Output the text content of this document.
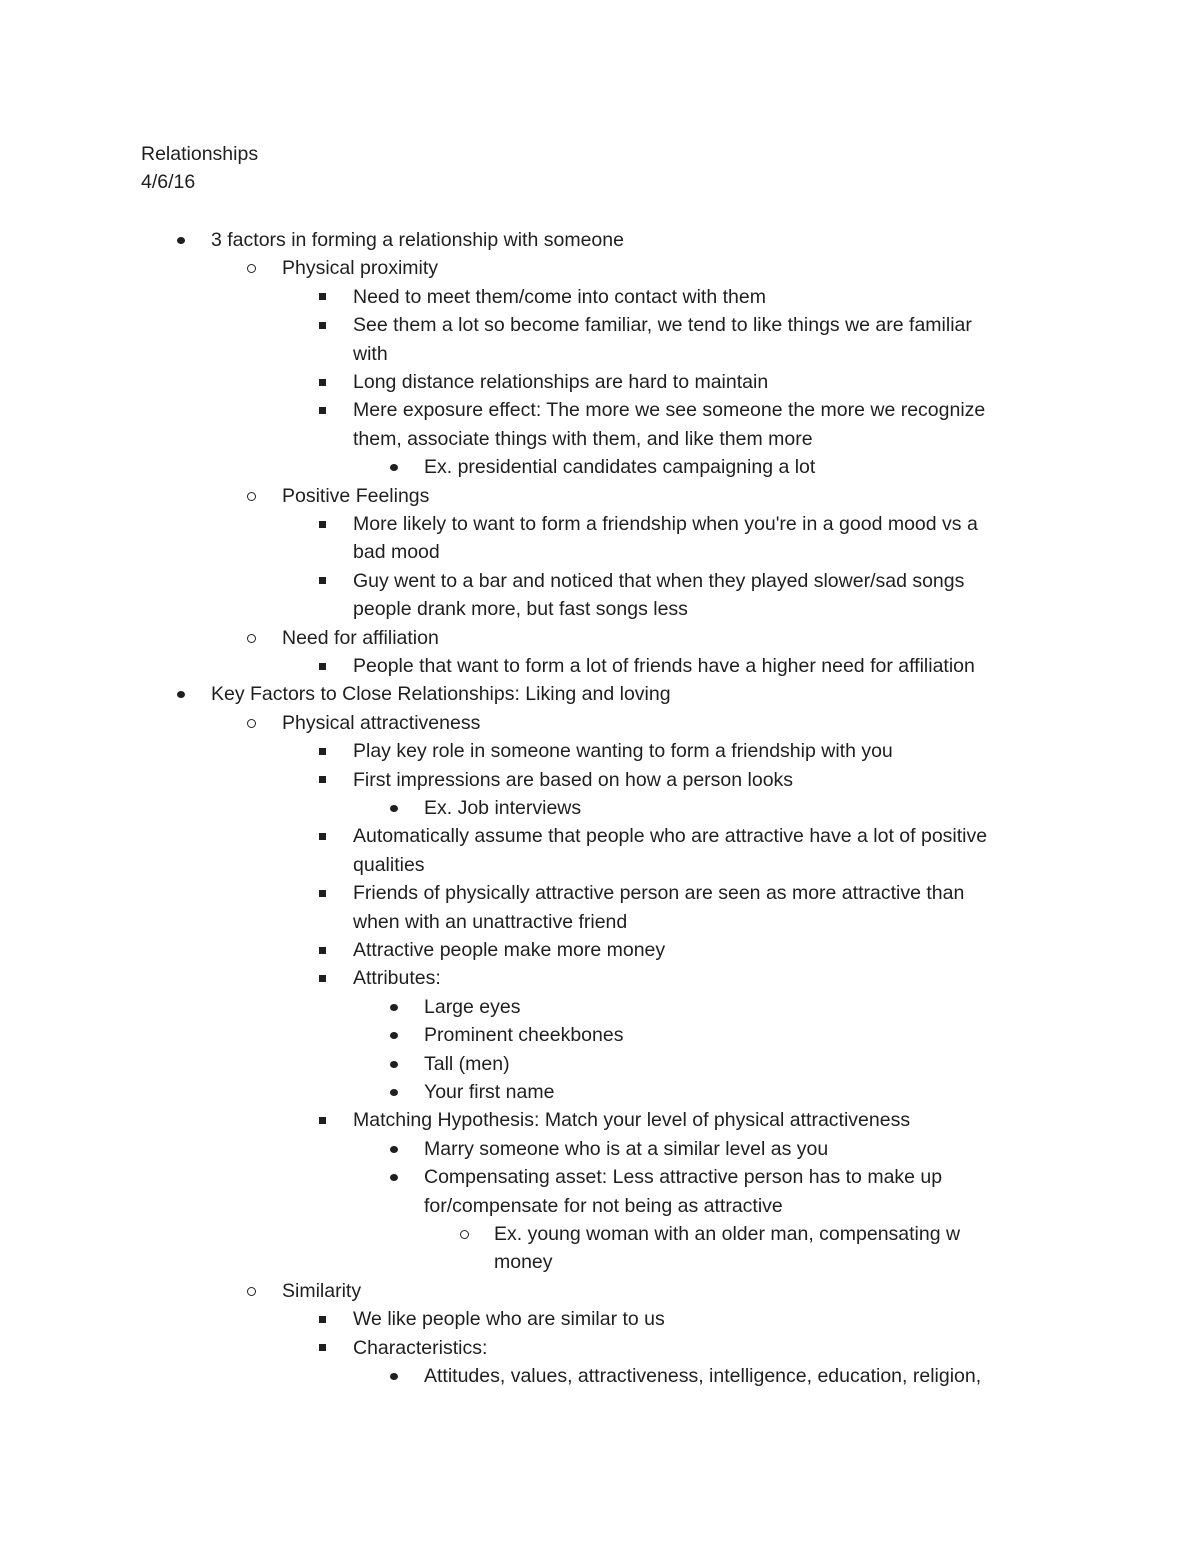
Relationships
4/6/16
3 factors in forming a relationship with someone
Physical proximity
Need to meet them/come into contact with them
See them a lot so become familiar, we tend to like things we are familiar
with
Long distance relationships are hard to maintain
Mere exposure effect: The more we see someone the more we recognize
them, associate things with them, and like them more
Ex. presidential candidates campaigning a lot
Positive Feelings
More likely to want to form a friendship when you're in a good mood vs a
bad mood
Guy went to a bar and noticed that when they played slower/sad songs
people drank more, but fast songs less
Need for affiliation
People that want to form a lot of friends have a higher need for affiliation
Key Factors to Close Relationships: Liking and loving
Physical attractiveness
Play key role in someone wanting to form a friendship with you
First impressions are based on how a person looks
Ex. Job interviews
Automatically assume that people who are attractive have a lot of positive
qualities
Friends of physically attractive person are seen as more attractive than
when with an unattractive friend
Attractive people make more money
Attributes:
Large eyes
Prominent cheekbones
Tall (men)
Your first name
Matching Hypothesis: Match your level of physical attractiveness
Marry someone who is at a similar level as you
Compensating asset: Less attractive person has to make up
for/compensate for not being as attractive
Ex. young woman with an older man, compensating w
money
Similarity
We like people who are similar to us
Characteristics:
Attitudes, values, attractiveness, intelligence, education, religion,
